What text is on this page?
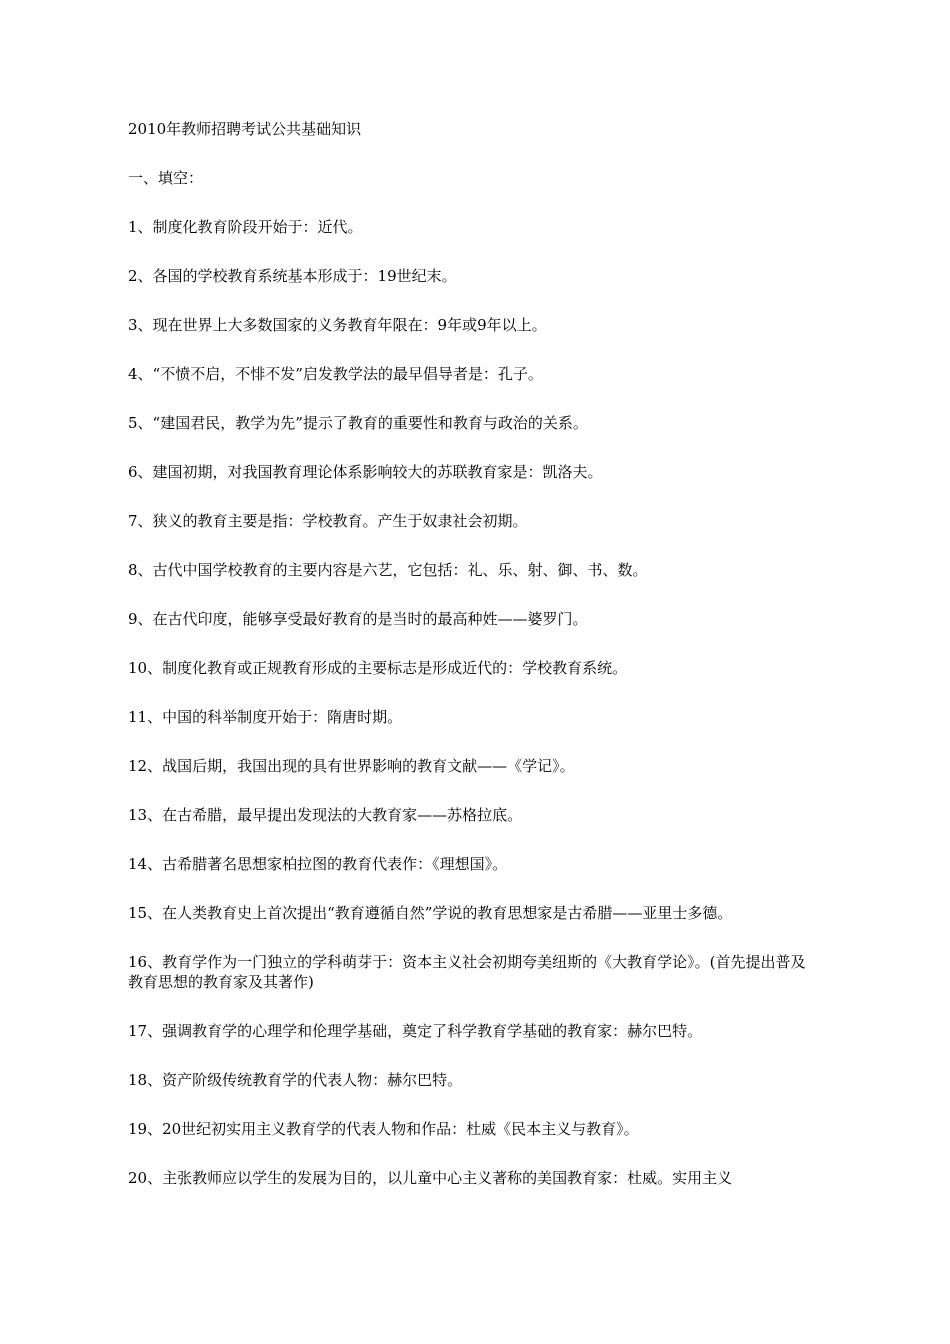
2010年教师招聘考试公共基础知识

一、填空：

1、制度化教育阶段开始于：近代。

2、各国的学校教育系统基本形成于：19世纪末。

3、现在世界上大多数国家的义务教育年限在：9年或9年以上。

4、“不愤不启，不悱不发”启发教学法的最早倡导者是：孔子。

5、“建国君民，教学为先”提示了教育的重要性和教育与政治的关系。

6、建国初期，对我国教育理论体系影响较大的苏联教育家是：凯洛夫。

7、狭义的教育主要是指：学校教育。产生于奴隶社会初期。

8、古代中国学校教育的主要内容是六艺，它包括：礼、乐、射、御、书、数。

9、在古代印度，能够享受最好教育的是当时的最高种姓——婆罗门。

10、制度化教育或正规教育形成的主要标志是形成近代的：学校教育系统。

11、中国的科举制度开始于：隋唐时期。

12、战国后期，我国出现的具有世界影响的教育文献——《学记》。

13、在古希腊，最早提出发现法的大教育家——苏格拉底。

14、古希腊著名思想家柏拉图的教育代表作：《理想国》。

15、在人类教育史上首次提出“教育遵循自然”学说的教育思想家是古希腊——亚里士多德。

16、教育学作为一门独立的学科萌芽于：资本主义社会初期夸美纽斯的《大教育学论》。(首先提出普及教育思想的教育家及其著作)

17、强调教育学的心理学和伦理学基础，奠定了科学教育学基础的教育家：赫尔巴特。

18、资产阶级传统教育学的代表人物：赫尔巴特。

19、20世纪初实用主义教育学的代表人物和作品：杜威《民本主义与教育》。

20、主张教师应以学生的发展为目的，以儿童中心主义著称的美国教育家：杜威。实用主义
